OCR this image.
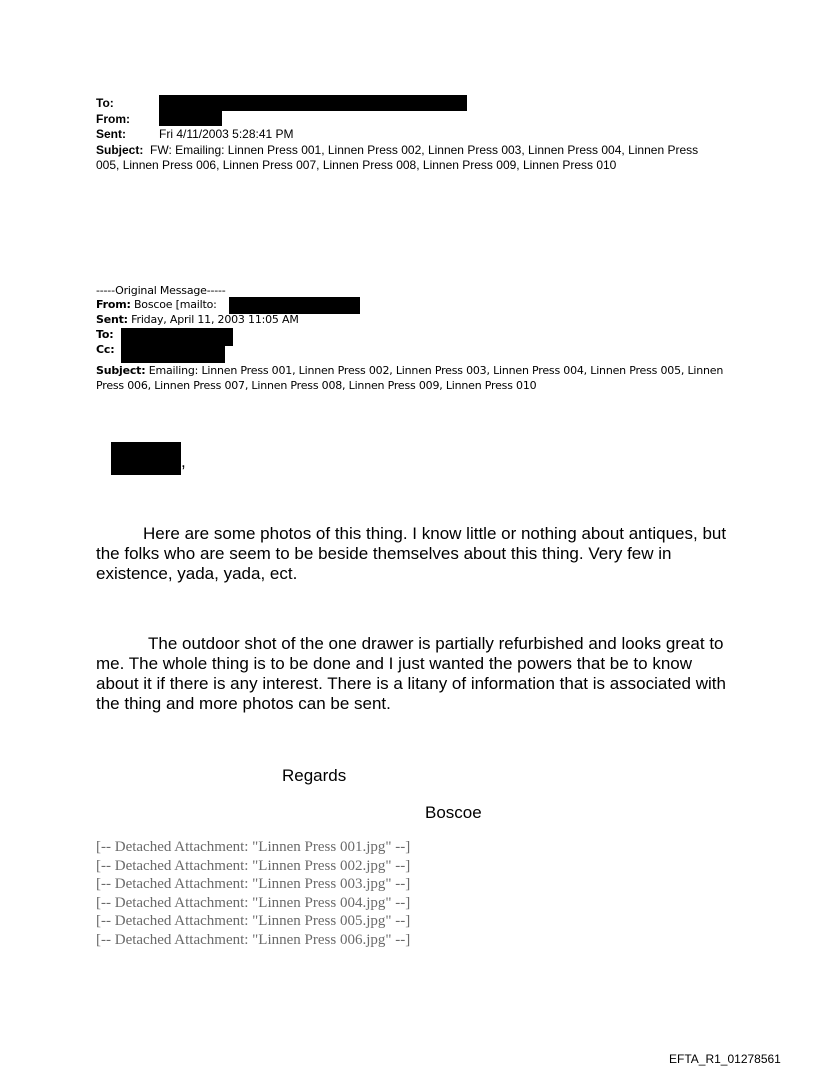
To:
From:
Sent:	Fri 4/11/2003 5:28:41 PM
Subject: FW: Emailing: Linnen Press 001, Linnen Press 002, Linnen Press 003, Linnen Press 004, Linnen Press 005, Linnen Press 006, Linnen Press 007, Linnen Press 008, Linnen Press 009, Linnen Press 010
-----Original Message-----
From: Boscoe [mailto:
Sent: Friday, April 11, 2003 11:05 AM
To:
Cc:
Subject: Emailing: Linnen Press 001, Linnen Press 002, Linnen Press 003, Linnen Press 004, Linnen Press 005, Linnen Press 006, Linnen Press 007, Linnen Press 008, Linnen Press 009, Linnen Press 010
,
Here are some photos of this thing. I know little or nothing about antiques, but the folks who are seem to be beside themselves about this thing. Very few in existence, yada, yada, ect.
The outdoor shot of the one drawer is partially refurbished and looks great to me. The whole thing is to be done and I just wanted the powers that be to know about it if there is any interest. There is a litany of information that is associated with the thing and more photos can be sent.
Regards
Boscoe
[-- Detached Attachment: "Linnen Press 001.jpg" --]
[-- Detached Attachment: "Linnen Press 002.jpg" --]
[-- Detached Attachment: "Linnen Press 003.jpg" --]
[-- Detached Attachment: "Linnen Press 004.jpg" --]
[-- Detached Attachment: "Linnen Press 005.jpg" --]
[-- Detached Attachment: "Linnen Press 006.jpg" --]
EFTA_R1_01278561
